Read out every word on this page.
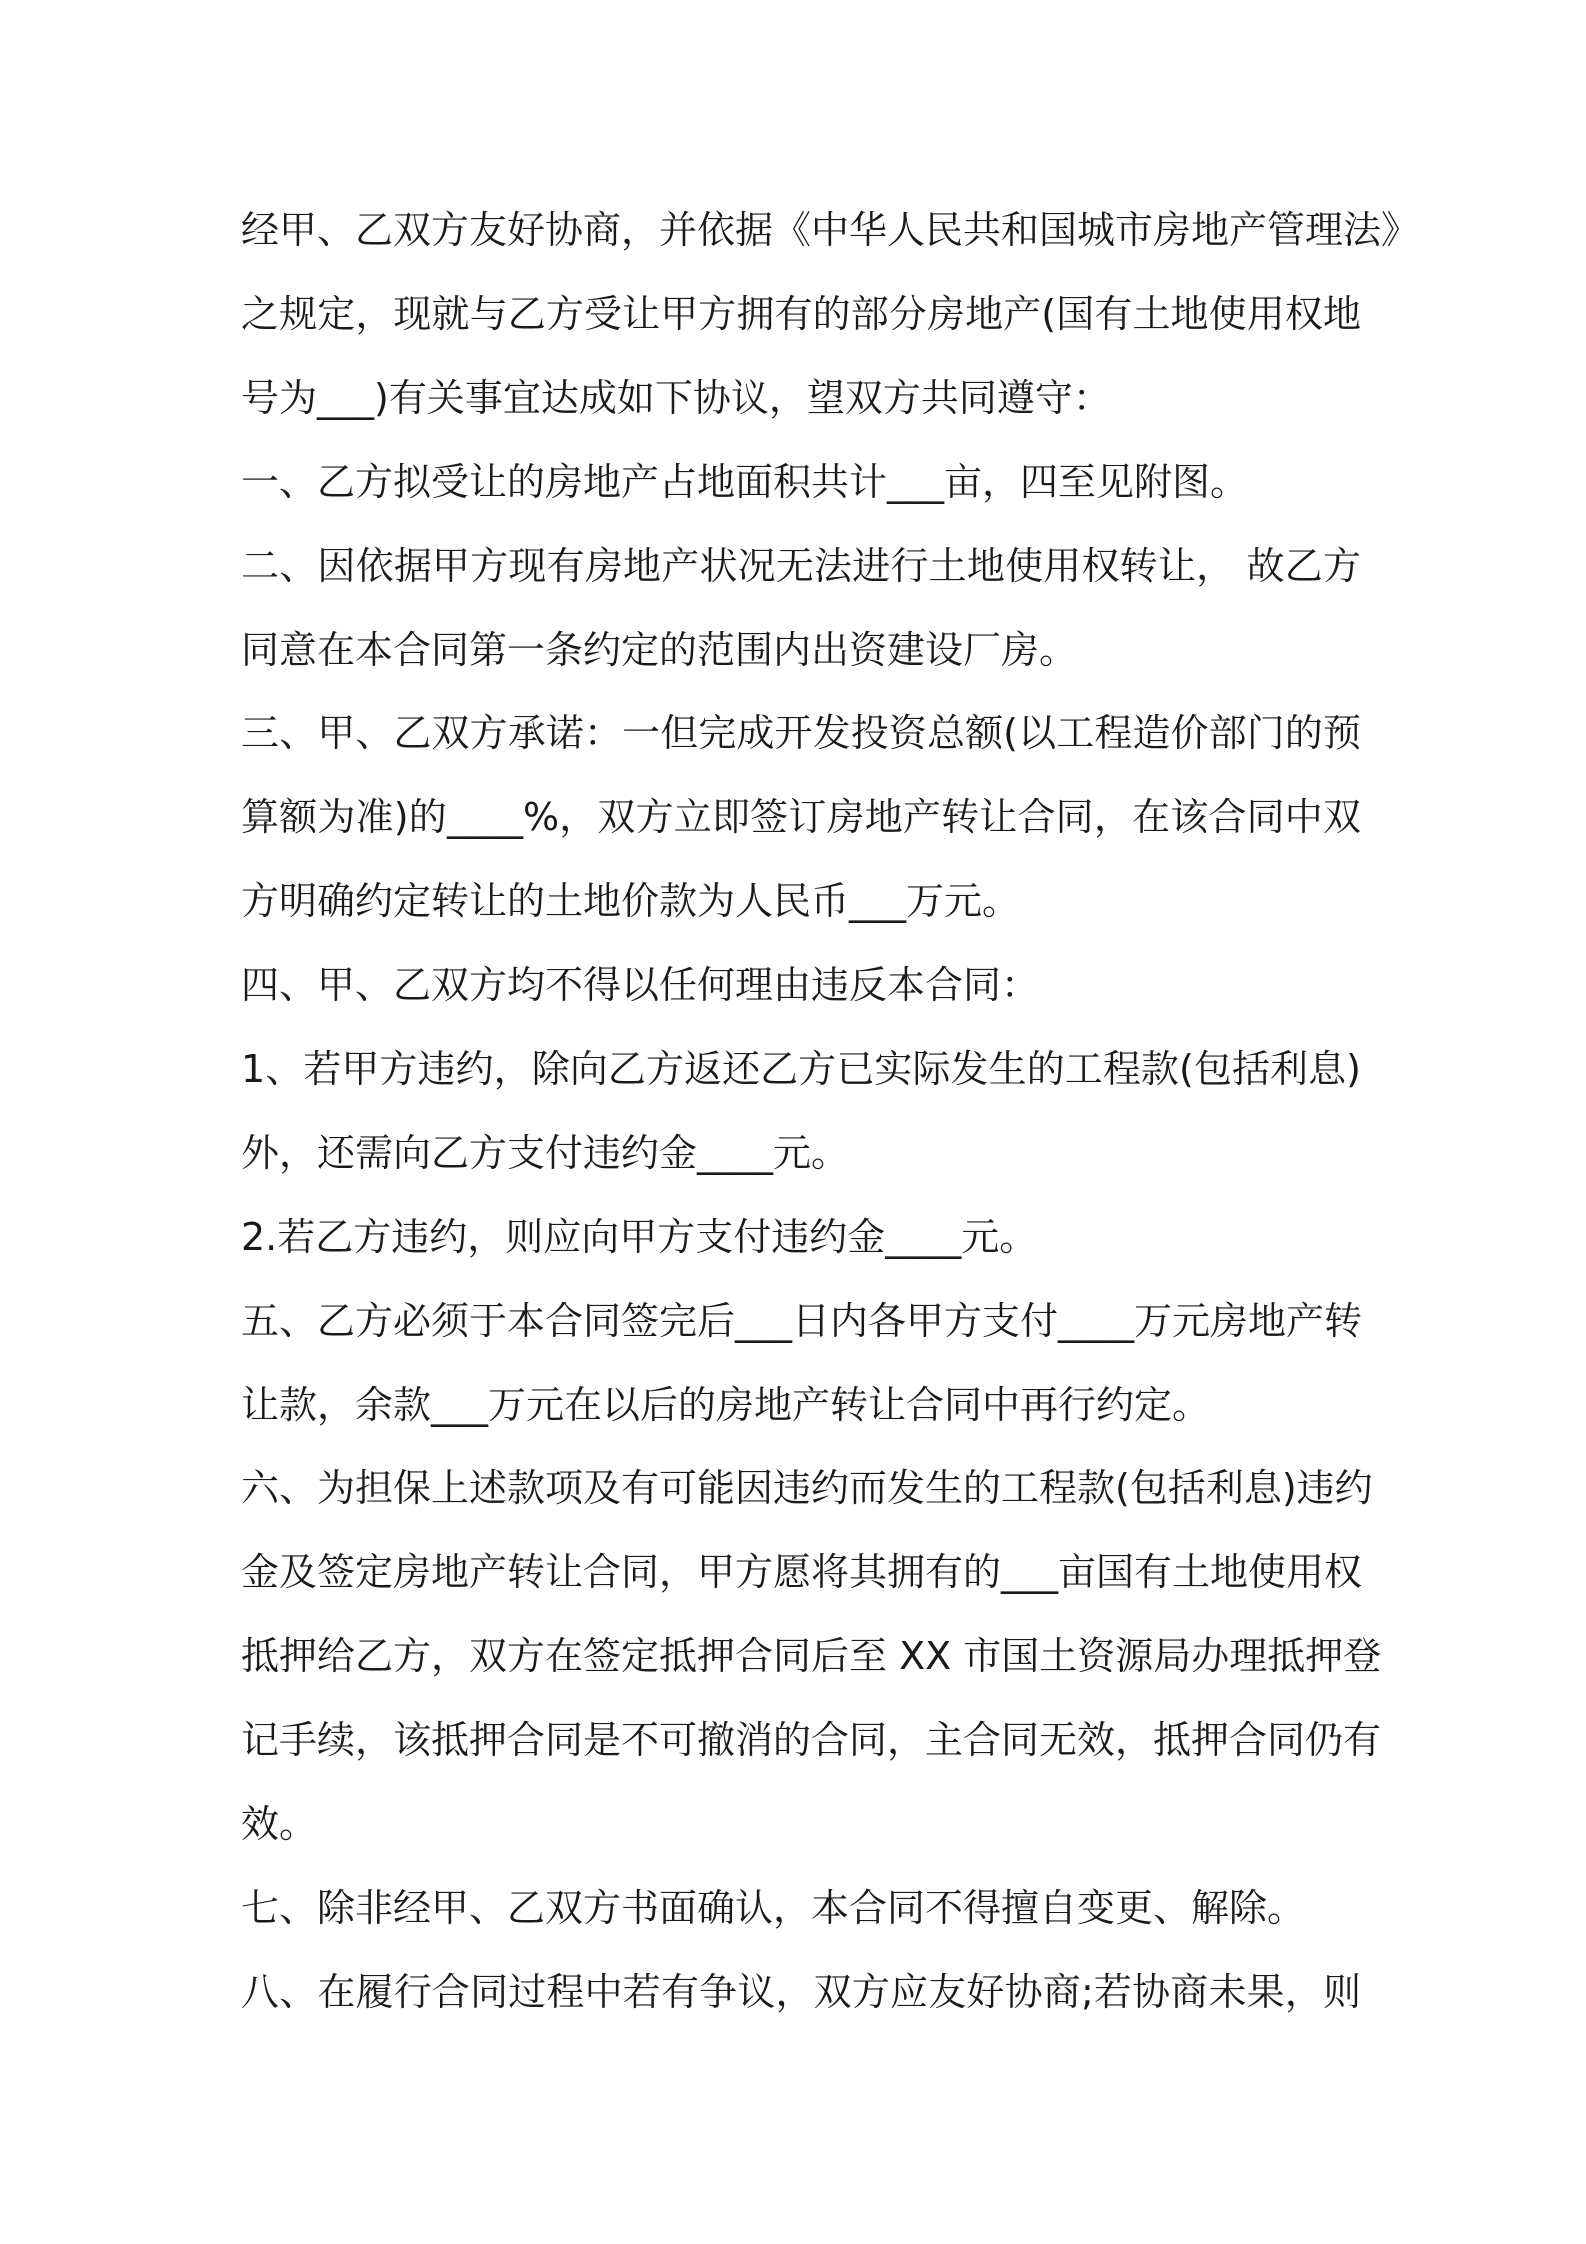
经甲、乙双方友好协商，并依据《中华人民共和国城市房地产管理法》

之规定，现就与乙方受让甲方拥有的部分房地产(国有土地使用权地

号为___)有关事宜达成如下协议，望双方共同遵守：

一、乙方拟受让的房地产占地面积共计___亩，四至见附图。

二、因依据甲方现有房地产状况无法进行土地使用权转让， 故乙方

同意在本合同第一条约定的范围内出资建设厂房。

三、甲、乙双方承诺：一但完成开发投资总额(以工程造价部门的预

算额为准)的____%，双方立即签订房地产转让合同，在该合同中双

方明确约定转让的土地价款为人民币___万元。

四、甲、乙双方均不得以任何理由违反本合同：

1、若甲方违约，除向乙方返还乙方已实际发生的工程款(包括利息)

外，还需向乙方支付违约金____元。

2.若乙方违约，则应向甲方支付违约金____元。

五、乙方必须于本合同签完后___日内各甲方支付____万元房地产转

让款，余款___万元在以后的房地产转让合同中再行约定。

六、为担保上述款项及有可能因违约而发生的工程款(包括利息)违约

金及签定房地产转让合同，甲方愿将其拥有的___亩国有土地使用权

抵押给乙方，双方在签定抵押合同后至 XX 市国土资源局办理抵押登

记手续，该抵押合同是不可撤消的合同，主合同无效，抵押合同仍有

效。

七、除非经甲、乙双方书面确认，本合同不得擅自变更、解除。

八、在履行合同过程中若有争议，双方应友好协商;若协商未果，则
